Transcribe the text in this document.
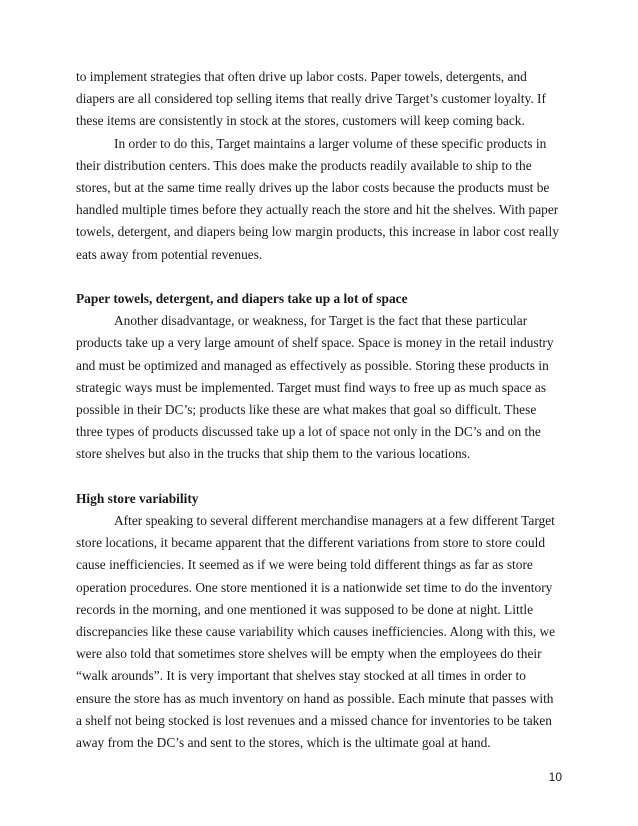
to implement strategies that often drive up labor costs. Paper towels, detergents, and diapers are all considered top selling items that really drive Target’s customer loyalty. If these items are consistently in stock at the stores, customers will keep coming back.

In order to do this, Target maintains a larger volume of these specific products in their distribution centers. This does make the products readily available to ship to the stores, but at the same time really drives up the labor costs because the products must be handled multiple times before they actually reach the store and hit the shelves. With paper towels, detergent, and diapers being low margin products, this increase in labor cost really eats away from potential revenues.

Paper towels, detergent, and diapers take up a lot of space

Another disadvantage, or weakness, for Target is the fact that these particular products take up a very large amount of shelf space. Space is money in the retail industry and must be optimized and managed as effectively as possible. Storing these products in strategic ways must be implemented. Target must find ways to free up as much space as possible in their DC’s; products like these are what makes that goal so difficult. These three types of products discussed take up a lot of space not only in the DC’s and on the store shelves but also in the trucks that ship them to the various locations.

High store variability

After speaking to several different merchandise managers at a few different Target store locations, it became apparent that the different variations from store to store could cause inefficiencies. It seemed as if we were being told different things as far as store operation procedures. One store mentioned it is a nationwide set time to do the inventory records in the morning, and one mentioned it was supposed to be done at night. Little discrepancies like these cause variability which causes inefficiencies. Along with this, we were also told that sometimes store shelves will be empty when the employees do their “walk arounds”. It is very important that shelves stay stocked at all times in order to ensure the store has as much inventory on hand as possible. Each minute that passes with a shelf not being stocked is lost revenues and a missed chance for inventories to be taken away from the DC’s and sent to the stores, which is the ultimate goal at hand.

10
